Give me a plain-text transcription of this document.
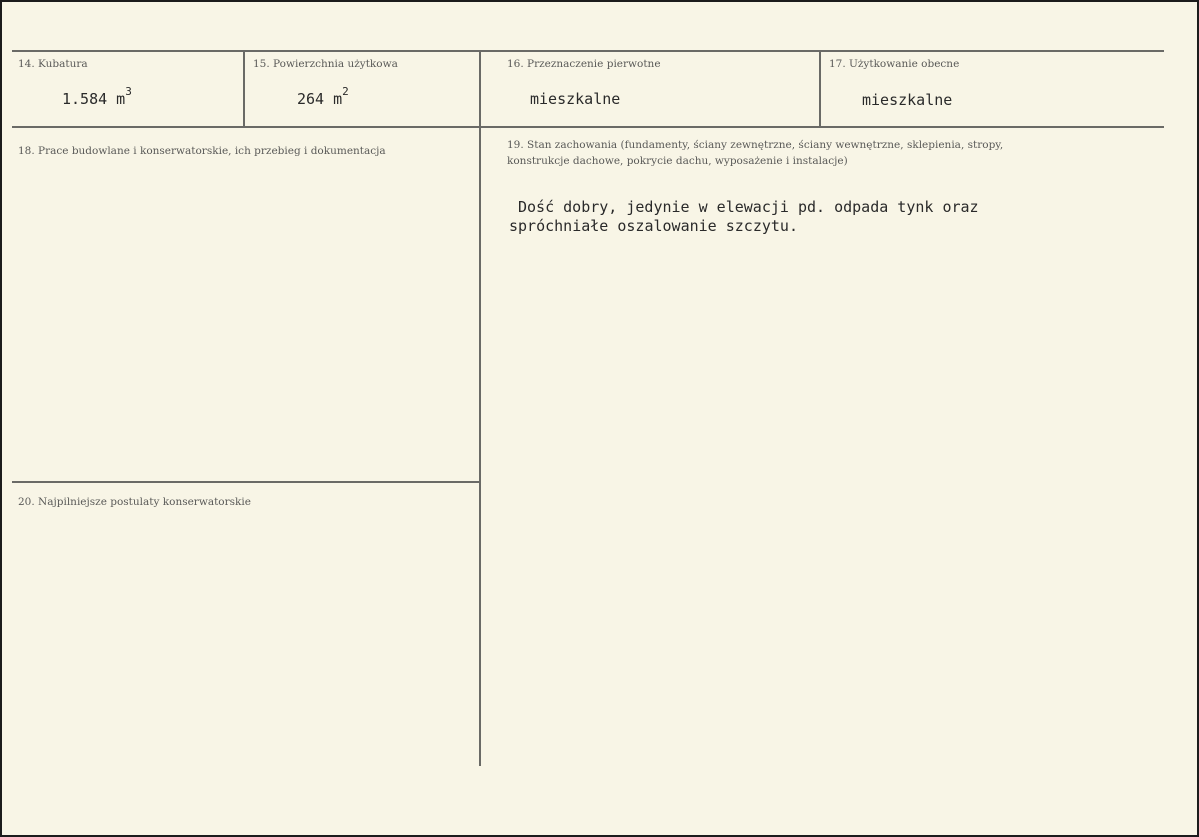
14. Kubatura
1.584 $m^3$
15. Powierzchnia użytkowa
264 $m^2$
16. Przeznaczenie pierwotne
mieszkalne
17. Użytkowanie obecne
mieszkalne
18. Prace budowlane i konserwatorskie, ich przebieg i dokumentacja	19. Stan zachowania (fundamenty, ściany zewnętrzne, ściany wewnętrzne, sklepienia, stropy,
konstrukcje dachowe, pokrycie dachu, wyposażenie i instalacje)
Dość dobry, jedynie w elewacji pd. odpada tynk oraz
spróchniałe oszalowanie szczytu.
20. Najpilniejsze postulaty konserwatorskie
